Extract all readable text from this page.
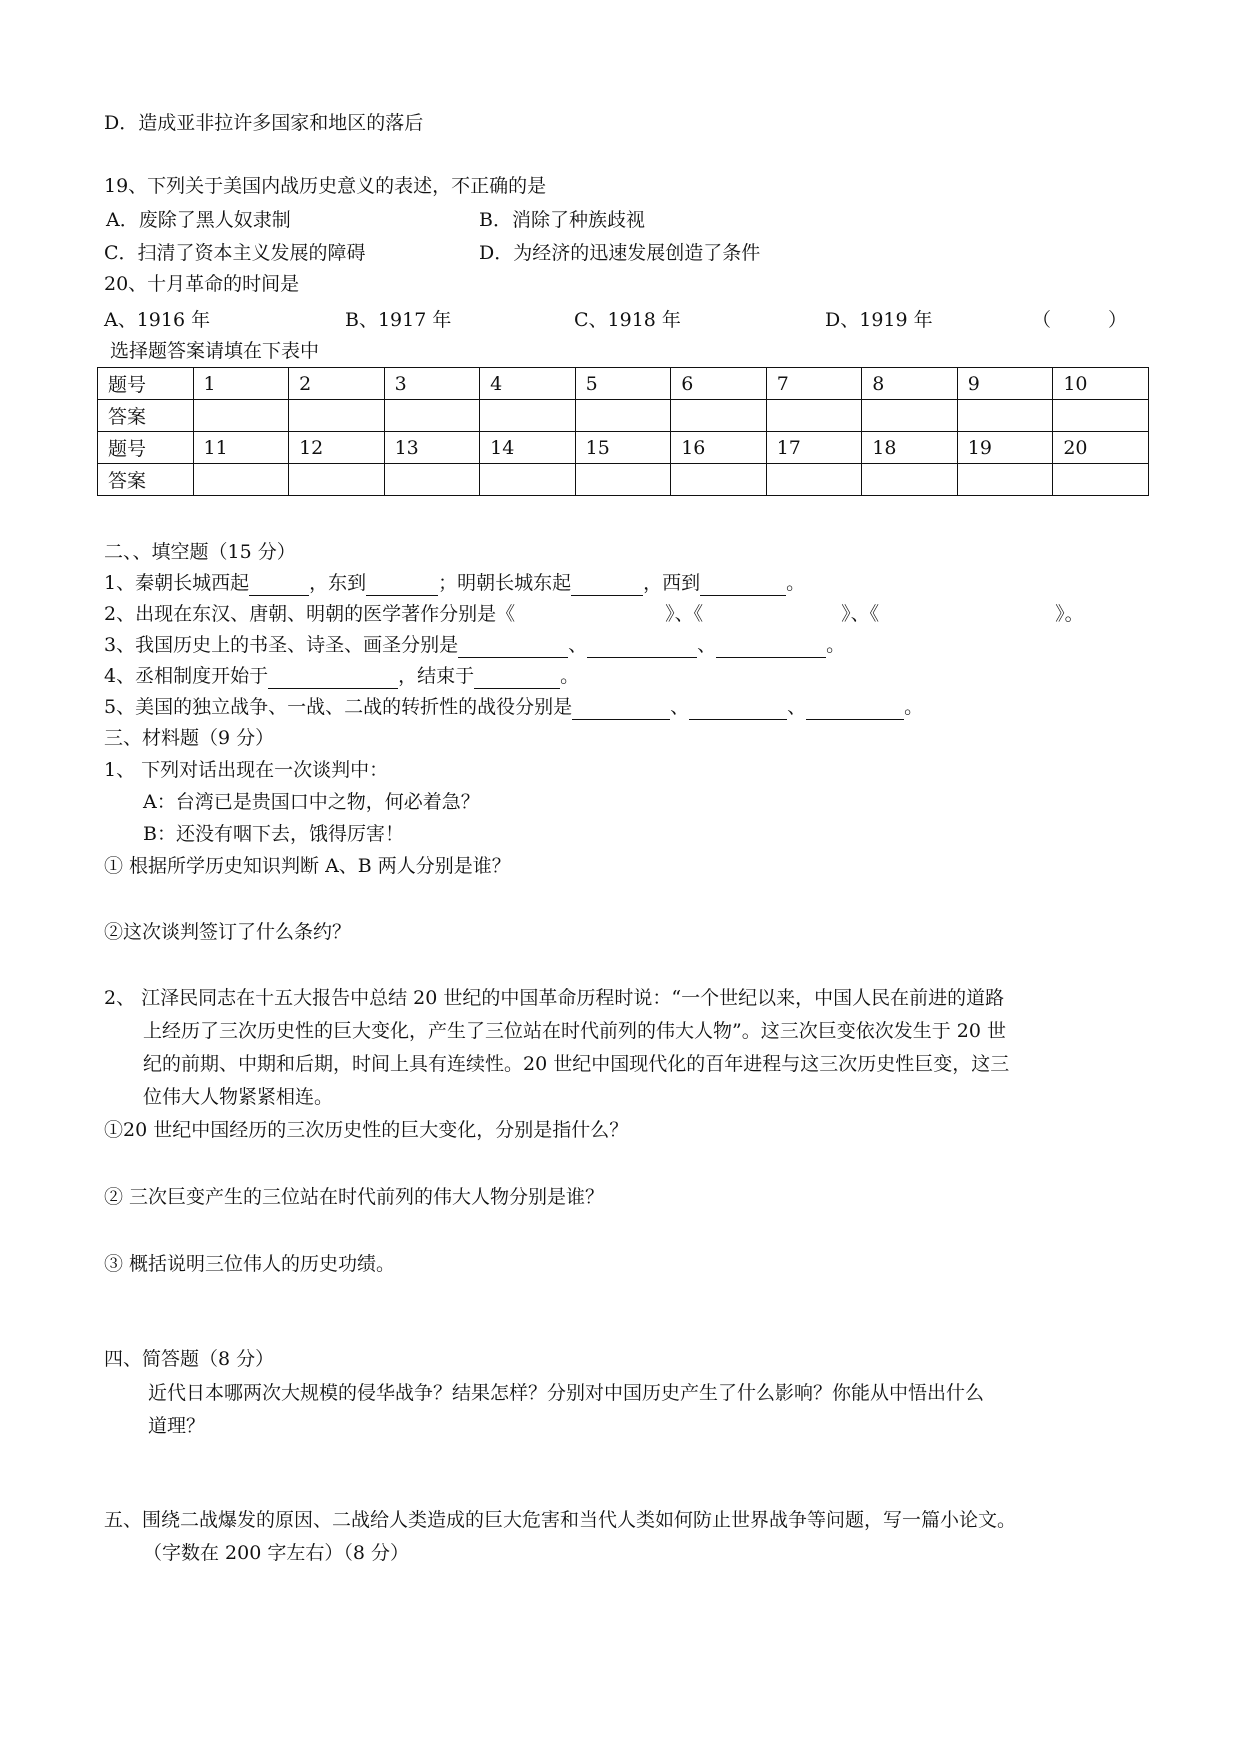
D．造成亚非拉许多国家和地区的落后
19、下列关于美国内战历史意义的表述，不正确的是
A．废除了黑人奴隶制	B．消除了种族歧视
C．扫清了资本主义发展的障碍	D．为经济的迅速发展创造了条件
20、十月革命的时间是
A、1916 年	B、1917 年	C、1918 年	D、1919 年	（　　　）
选择题答案请填在下表中
题号	1	2	3	4	5	6	7	8	9	10
答案										
题号	11	12	13	14	15	16	17	18	19	20
答案										
二、、填空题（15 分）
1、秦朝长城西起	，东到	；明朝长城东起	，西到	。
2、出现在东汉、唐朝、明朝的医学著作分别是《	》、《	》、《	》。
3、我国历史上的书圣、诗圣、画圣分别是	、	、	。
4、丞相制度开始于	，结束于	。
5、美国的独立战争、一战、二战的转折性的战役分别是	、	、	。
三、材料题（9 分）
1、 下列对话出现在一次谈判中：
A：台湾已是贵国口中之物，何必着急？
B：还没有咽下去，饿得厉害！
① 根据所学历史知识判断 A、B 两人分别是谁？
②这次谈判签订了什么条约？
2、 江泽民同志在十五大报告中总结 20 世纪的中国革命历程时说：“一个世纪以来，中国人民在前进的道路
上经历了三次历史性的巨大变化，产生了三位站在时代前列的伟大人物”。这三次巨变依次发生于 20 世
纪的前期、中期和后期，时间上具有连续性。20 世纪中国现代化的百年进程与这三次历史性巨变，这三
位伟大人物紧紧相连。
①20 世纪中国经历的三次历史性的巨大变化，分别是指什么？
② 三次巨变产生的三位站在时代前列的伟大人物分别是谁？
③ 概括说明三位伟人的历史功绩。
四、简答题（8 分）
近代日本哪两次大规模的侵华战争？结果怎样？分别对中国历史产生了什么影响？你能从中悟出什么
道理？
五、围绕二战爆发的原因、二战给人类造成的巨大危害和当代人类如何防止世界战争等问题，写一篇小论文。
（字数在 200 字左右）（8 分）
